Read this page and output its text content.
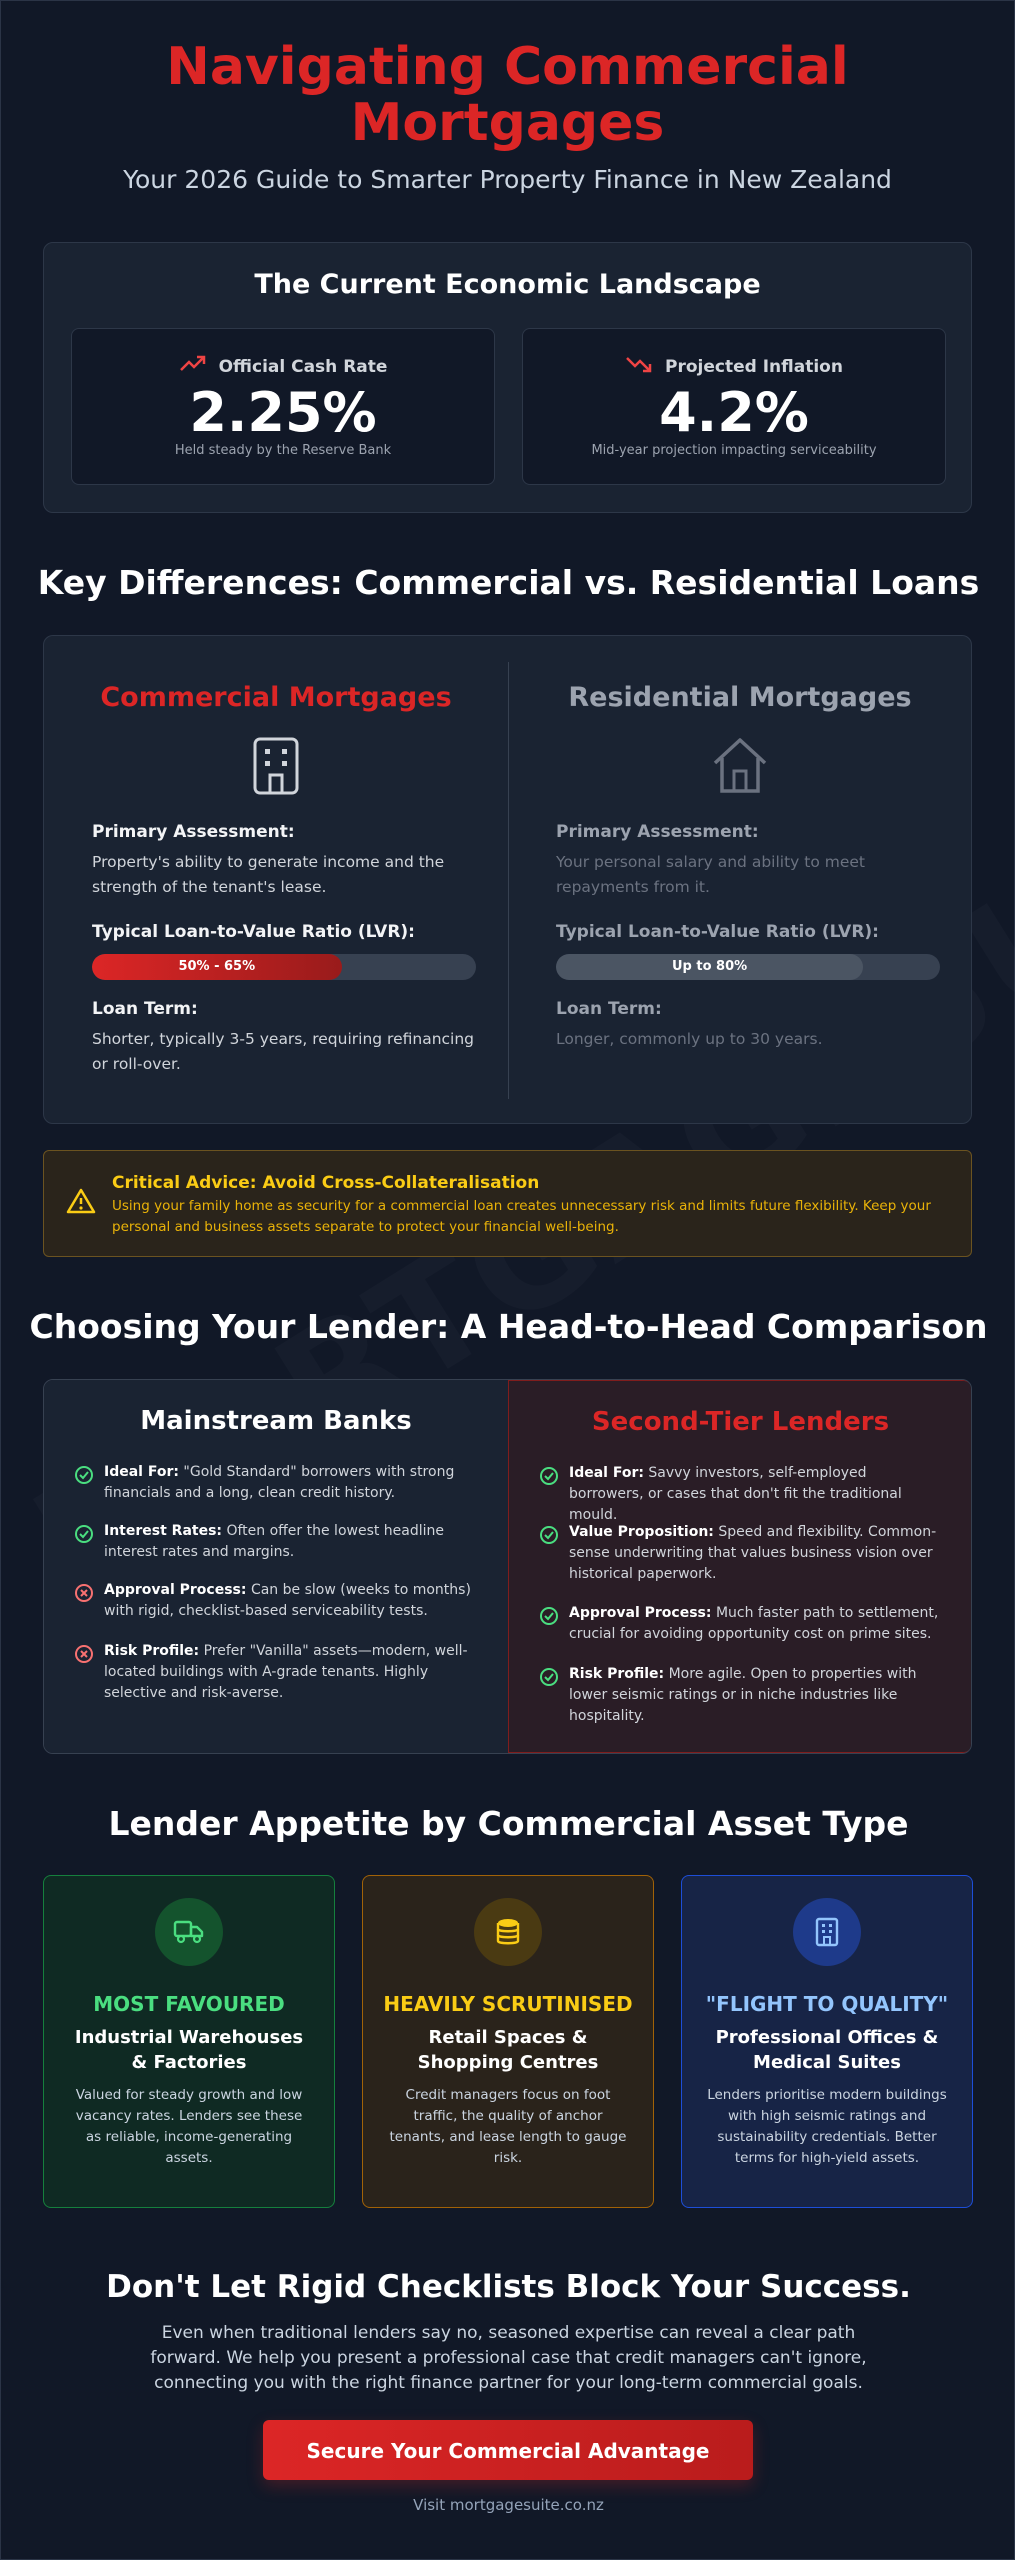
Navigating Commercial Mortgages
Your 2026 Guide to Smarter Property Finance in New Zealand
The Current Economic Landscape
Official Cash Rate
2.25%
Held steady by the Reserve Bank
Projected Inflation
4.2%
Mid-year projection impacting serviceability
Key Differences: Commercial vs. Residential Loans
Commercial Mortgages
Primary Assessment:
Property's ability to generate income and the strength of the tenant's lease.
Typical Loan-to-Value Ratio (LVR):
50% - 65%
Loan Term:
Shorter, typically 3-5 years, requiring refinancing or roll-over.
Residential Mortgages
Primary Assessment:
Your personal salary and ability to meet repayments from it.
Typical Loan-to-Value Ratio (LVR):
Up to 80%
Loan Term:
Longer, commonly up to 30 years.
Critical Advice: Avoid Cross-Collateralisation
Using your family home as security for a commercial loan creates unnecessary risk and limits future flexibility. Keep your personal and business assets separate to protect your financial well-being.
Choosing Your Lender: A Head-to-Head Comparison
Mainstream Banks
Ideal For: "Gold Standard" borrowers with strong financials and a long, clean credit history.
Interest Rates: Often offer the lowest headline interest rates and margins.
Approval Process: Can be slow (weeks to months) with rigid, checklist-based serviceability tests.
Risk Profile: Prefer "Vanilla" assets—modern, well-located buildings with A-grade tenants. Highly selective and risk-averse.
Second-Tier Lenders
Ideal For: Savvy investors, self-employed borrowers, or cases that don't fit the traditional mould.
Value Proposition: Speed and flexibility. Common-sense underwriting that values business vision over historical paperwork.
Approval Process: Much faster path to settlement, crucial for avoiding opportunity cost on prime sites.
Risk Profile: More agile. Open to properties with lower seismic ratings or in niche industries like hospitality.
Lender Appetite by Commercial Asset Type
MOST FAVOURED
Industrial Warehouses & Factories
Valued for steady growth and low vacancy rates. Lenders see these as reliable, income-generating assets.
HEAVILY SCRUTINISED
Retail Spaces & Shopping Centres
Credit managers focus on foot traffic, the quality of anchor tenants, and lease length to gauge risk.
"FLIGHT TO QUALITY"
Professional Offices & Medical Suites
Lenders prioritise modern buildings with high seismic ratings and sustainability credentials. Better terms for high-yield assets.
Don't Let Rigid Checklists Block Your Success.
Even when traditional lenders say no, seasoned expertise can reveal a clear path forward. We help you present a professional case that credit managers can't ignore, connecting you with the right finance partner for your long-term commercial goals.
Secure Your Commercial Advantage
Visit mortgagesuite.co.nz
